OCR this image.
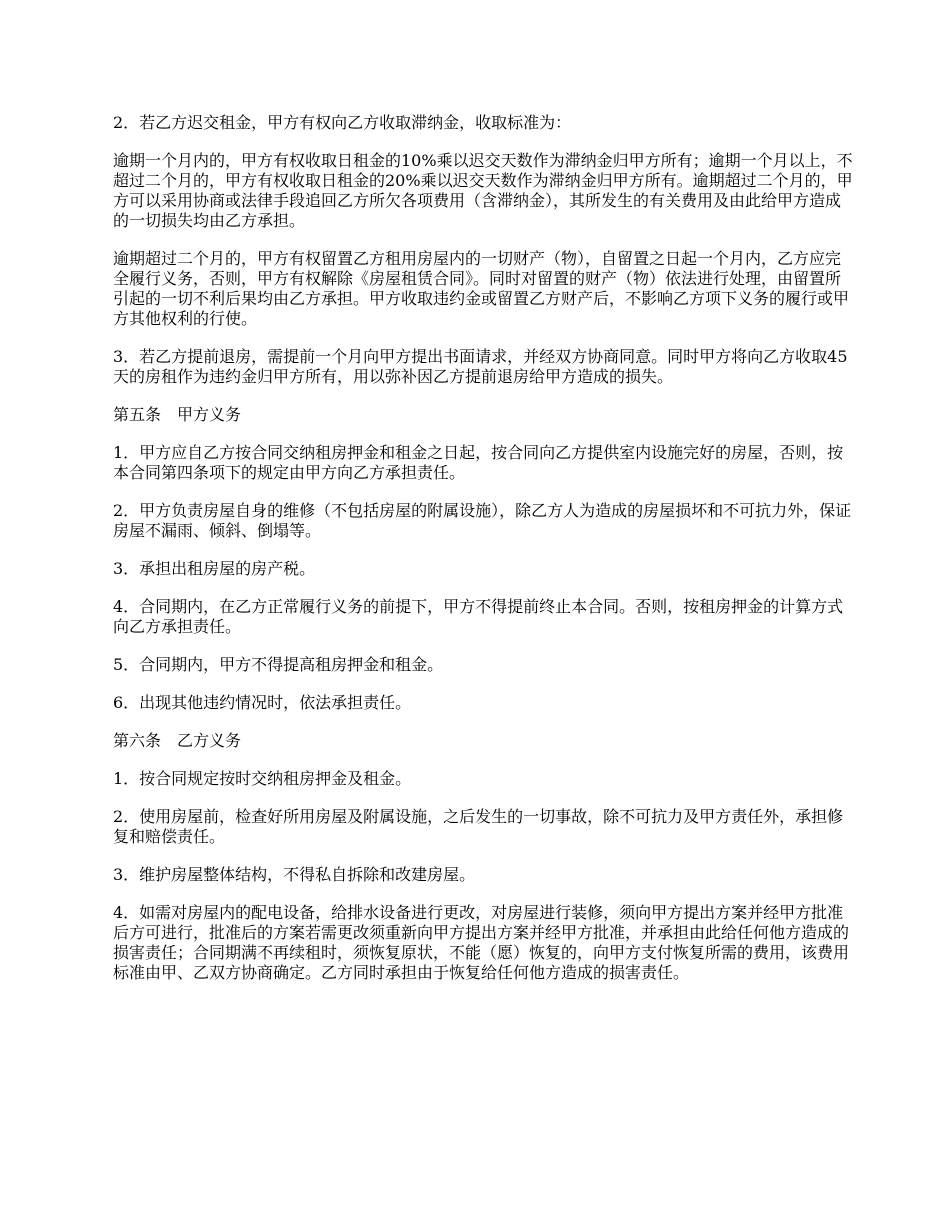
2．若乙方迟交租金，甲方有权向乙方收取滞纳金，收取标准为：

逾期一个月内的，甲方有权收取日租金的10%乘以迟交天数作为滞纳金归甲方所有；逾期一个月以上，不超过二个月的，甲方有权收取日租金的20%乘以迟交天数作为滞纳金归甲方所有。逾期超过二个月的，甲方可以采用协商或法律手段追回乙方所欠各项费用（含滞纳金），其所发生的有关费用及由此给甲方造成的一切损失均由乙方承担。

逾期超过二个月的，甲方有权留置乙方租用房屋内的一切财产（物），自留置之日起一个月内，乙方应完全履行义务，否则，甲方有权解除《房屋租赁合同》。同时对留置的财产（物）依法进行处理，由留置所引起的一切不利后果均由乙方承担。甲方收取违约金或留置乙方财产后，不影响乙方项下义务的履行或甲方其他权利的行使。

3．若乙方提前退房，需提前一个月向甲方提出书面请求，并经双方协商同意。同时甲方将向乙方收取45天的房租作为违约金归甲方所有，用以弥补因乙方提前退房给甲方造成的损失。

第五条　甲方义务

1．甲方应自乙方按合同交纳租房押金和租金之日起，按合同向乙方提供室内设施完好的房屋，否则，按本合同第四条项下的规定由甲方向乙方承担责任。

2．甲方负责房屋自身的维修（不包括房屋的附属设施），除乙方人为造成的房屋损坏和不可抗力外，保证房屋不漏雨、倾斜、倒塌等。

3．承担出租房屋的房产税。

4．合同期内，在乙方正常履行义务的前提下，甲方不得提前终止本合同。否则，按租房押金的计算方式向乙方承担责任。

5．合同期内，甲方不得提高租房押金和租金。

6．出现其他违约情况时，依法承担责任。

第六条　乙方义务

1．按合同规定按时交纳租房押金及租金。

2．使用房屋前，检查好所用房屋及附属设施，之后发生的一切事故，除不可抗力及甲方责任外，承担修复和赔偿责任。

3．维护房屋整体结构，不得私自拆除和改建房屋。

4．如需对房屋内的配电设备，给排水设备进行更改，对房屋进行装修，须向甲方提出方案并经甲方批准后方可进行，批准后的方案若需更改须重新向甲方提出方案并经甲方批准，并承担由此给任何他方造成的损害责任；合同期满不再续租时，须恢复原状，不能（愿）恢复的，向甲方支付恢复所需的费用，该费用标准由甲、乙双方协商确定。乙方同时承担由于恢复给任何他方造成的损害责任。
